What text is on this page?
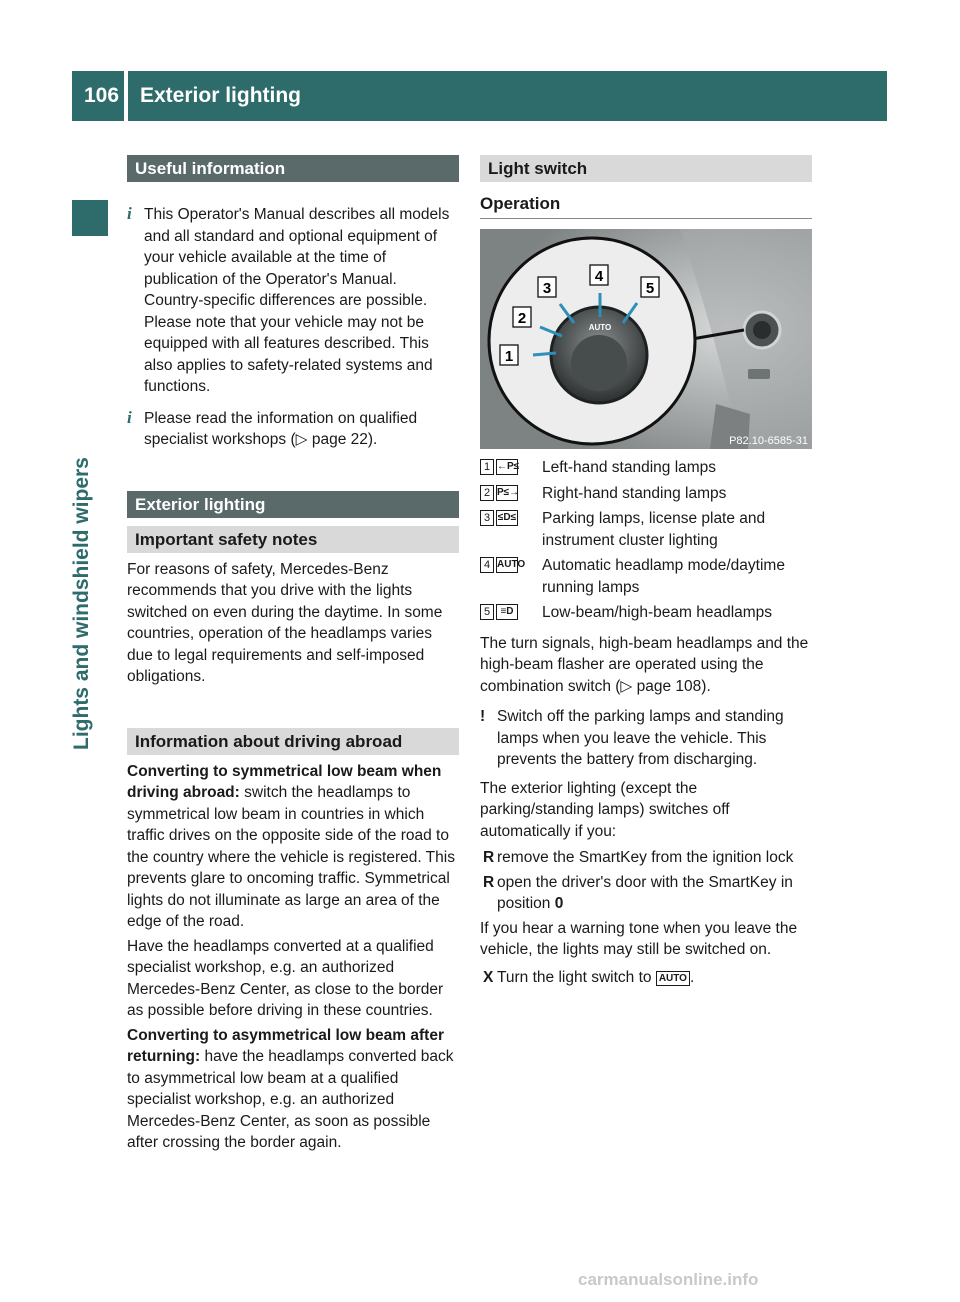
106 Exterior lighting
Lights and windshield wipers
Useful information

i This Operator's Manual describes all models and all standard and optional equipment of your vehicle available at the time of publication of the Operator's Manual. Country-specific differences are possible. Please note that your vehicle may not be equipped with all features described. This also applies to safety-related systems and functions.

i Please read the information on qualified specialist workshops (▷ page 22).

Exterior lighting
Important safety notes

For reasons of safety, Mercedes-Benz recommends that you drive with the lights switched on even during the daytime. In some countries, operation of the headlamps varies due to legal requirements and self-imposed obligations.

Information about driving abroad

Converting to symmetrical low beam when driving abroad: switch the headlamps to symmetrical low beam in countries in which traffic drives on the opposite side of the road to the country where the vehicle is registered. This prevents glare to oncoming traffic. Symmetrical lights do not illuminate as large an area of the edge of the road.

Have the headlamps converted at a qualified specialist workshop, e.g. an authorized Mercedes-Benz Center, as close to the border as possible before driving in these countries.

Converting to asymmetrical low beam after returning: have the headlamps converted back to asymmetrical low beam at a qualified specialist workshop, e.g. an authorized Mercedes-Benz Center, as soon as possible after crossing the border again.

Light switch
Operation
AUTO
1
2
3
4
5
P82.10-6585-31
1 ←P≤ Left-hand standing lamps
2 P≤→ Right-hand standing lamps
3 ≤D≤ Parking lamps, license plate and instrument cluster lighting
4 AUTO Automatic headlamp mode/daytime running lamps
5	≡D Low-beam/high-beam headlamps

The turn signals, high-beam headlamps and the high-beam flasher are operated using the combination switch (▷ page 108).

! Switch off the parking lamps and standing lamps when you leave the vehicle. This prevents the battery from discharging.

The exterior lighting (except the parking/standing lamps) switches off automatically if you:

R remove the SmartKey from the ignition lock

R open the driver's door with the SmartKey in position 0

If you hear a warning tone when you leave the vehicle, the lights may still be switched on.

X Turn the light switch to AUTO .

carmanualsonline.info
